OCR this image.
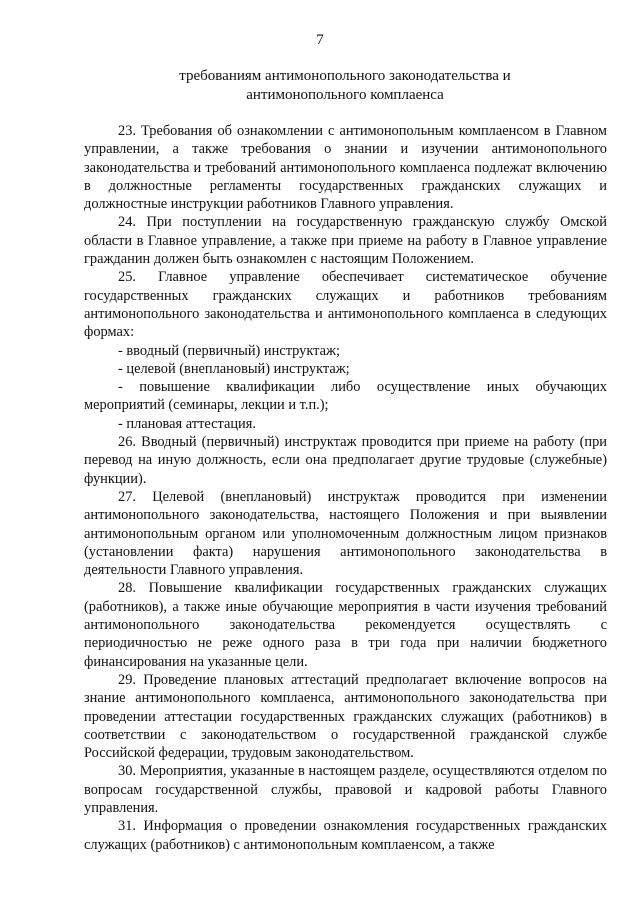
7
требованиям антимонопольного законодательства и
антимонопольного комплаенса

23. Требования об ознакомлении с антимонопольным комплаенсом в Главном управлении, а также требования о знании и изучении антимонопольного законодательства и требований антимонопольного комплаенса подлежат включению в должностные регламенты государственных гражданских служащих и должностные инструкции работников Главного управления.

24. При поступлении на государственную гражданскую службу Омской области в Главное управление, а также при приеме на работу в Главное управление гражданин должен быть ознакомлен с настоящим Положением.

25. Главное управление обеспечивает систематическое обучение государственных гражданских служащих и работников требованиям антимонопольного законодательства и антимонопольного комплаенса в следующих формах:

- вводный (первичный) инструктаж;

- целевой (внеплановый) инструктаж;

- повышение квалификации либо осуществление иных обучающих мероприятий (семинары, лекции и т.п.);

- плановая аттестация.

26. Вводный (первичный) инструктаж проводится при приеме на работу (при перевод на иную должность, если она предполагает другие трудовые (служебные) функции).

27. Целевой (внеплановый) инструктаж проводится при изменении антимонопольного законодательства, настоящего Положения и при выявлении антимонопольным органом или уполномоченным должностным лицом признаков (установлении факта) нарушения антимонопольного законодательства в деятельности Главного управления.

28. Повышение квалификации государственных гражданских служащих (работников), а также иные обучающие мероприятия в части изучения требований антимонопольного законодательства рекомендуется осуществлять с периодичностью не реже одного раза в три года при наличии бюджетного финансирования на указанные цели.

29. Проведение плановых аттестаций предполагает включение вопросов на знание антимонопольного комплаенса, антимонопольного законодательства при проведении аттестации государственных гражданских служащих (работников) в соответствии с законодательством о государственной гражданской службе Российской федерации, трудовым законодательством.

30. Мероприятия, указанные в настоящем разделе, осуществляются отделом по вопросам государственной службы, правовой и кадровой работы Главного управления.

31. Информация о проведении ознакомления государственных гражданских служащих (работников) с антимонопольным комплаенсом, а также
